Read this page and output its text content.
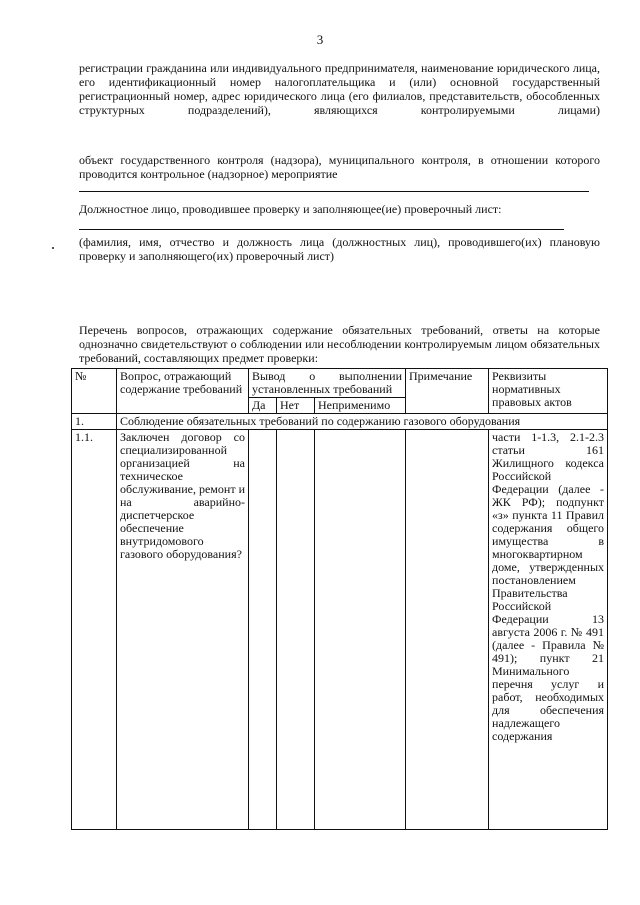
3
регистрации гражданина или индивидуального предпринимателя, наименование юридического лица, его идентификационный номер налогоплательщика и (или) основной государственный регистрационный номер, адрес юридического лица (его филиалов, представительств, обособленных структурных подразделений), являющихся контролируемыми лицами)
объект государственного контроля (надзора), муниципального контроля, в отношении которого проводится контрольное (надзорное) мероприятие
Должностное лицо, проводившее проверку и заполняющее(ие) проверочный лист:
(фамилия, имя, отчество и должность лица (должностных лиц), проводившего(их) плановую проверку и заполняющего(их) проверочный лист)
Перечень вопросов, отражающих содержание обязательных требований, ответы на которые однозначно свидетельствуют о соблюдении или несоблюдении контролируемым лицом обязательных требований, составляющих предмет проверки:
№	Вопрос, отражающий содержание требований	Вывод о выполнении установленных требований			Примечание	Реквизиты нормативных правовых актов
		Да	Нет	Неприменимо		
1.	Соблюдение обязательных требований по содержанию газового оборудования					
1.1.	Заключен договор со специализированной организацией на техническое обслуживание, ремонт и на аварийно-диспетчерское обеспечение внутридомового газового оборудования?					части 1-1.3, 2.1-2.3 статьи 161 Жилищного кодекса Российской Федерации (далее - ЖК РФ); подпункт «з» пункта 11 Правил содержания общего имущества в многоквартирном доме, утвержденных постановлением Правительства Российской Федерации 13 августа 2006 г. № 491 (далее - Правила № 491); пункт 21 Минимального перечня услуг и работ, необходимых для обеспечения надлежащего содержания
